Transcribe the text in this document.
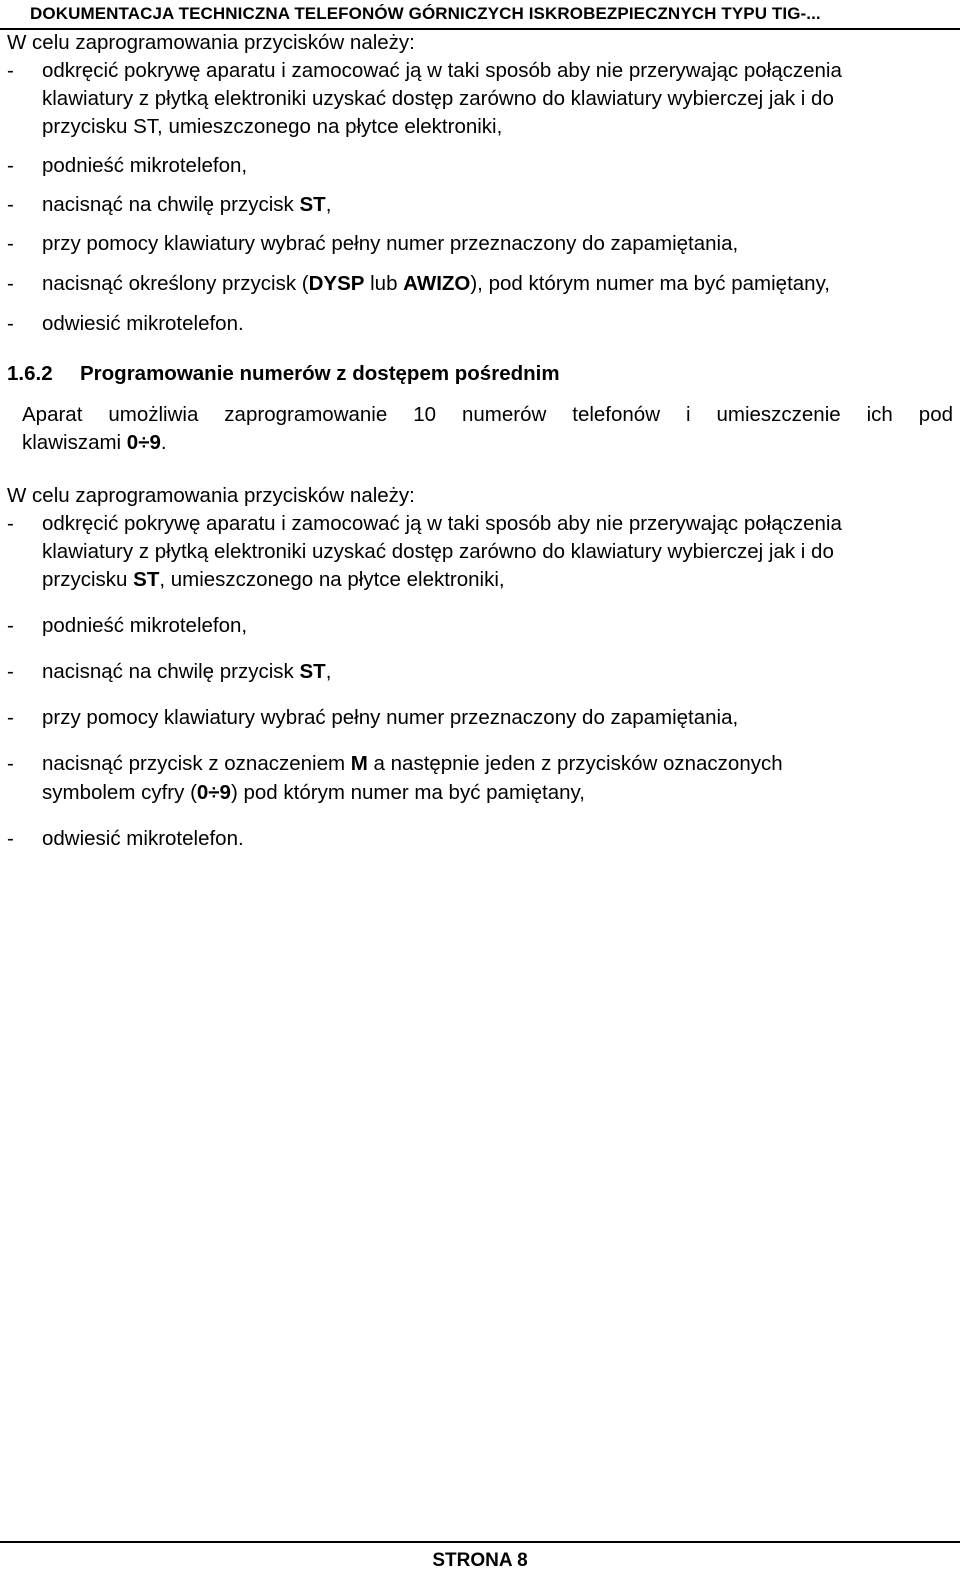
DOKUMENTACJA TECHNICZNA TELEFONÓW GÓRNICZYCH ISKROBEZPIECZNYCH TYPU TIG-...
W celu zaprogramowania przycisków należy:
- odkręcić pokrywę aparatu i zamocować ją w taki sposób aby nie przerywając połączenia
klawiatury z płytką elektroniki uzyskać dostęp zarówno do klawiatury wybierczej jak i do
przycisku ST, umieszczonego na płytce elektroniki,
- podnieść mikrotelefon,
- nacisnąć na chwilę przycisk ST,
- przy pomocy klawiatury wybrać pełny numer przeznaczony do zapamiętania,
- nacisnąć określony przycisk (DYSP lub AWIZO), pod którym numer ma być pamiętany,
- odwiesić mikrotelefon.
1.6.2 Programowanie numerów z dostępem pośrednim
Aparat umożliwia zaprogramowanie 10 numerów telefonów i umieszczenie ich pod
klawiszami 0÷9.
W celu zaprogramowania przycisków należy:
- odkręcić pokrywę aparatu i zamocować ją w taki sposób aby nie przerywając połączenia
klawiatury z płytką elektroniki uzyskać dostęp zarówno do klawiatury wybierczej jak i do
przycisku ST, umieszczonego na płytce elektroniki,
- podnieść mikrotelefon,
- nacisnąć na chwilę przycisk ST,
- przy pomocy klawiatury wybrać pełny numer przeznaczony do zapamiętania,
- nacisnąć przycisk z oznaczeniem M a następnie jeden z przycisków oznaczonych
symbolem cyfry (0÷9) pod którym numer ma być pamiętany,
- odwiesić mikrotelefon.
STRONA 8
